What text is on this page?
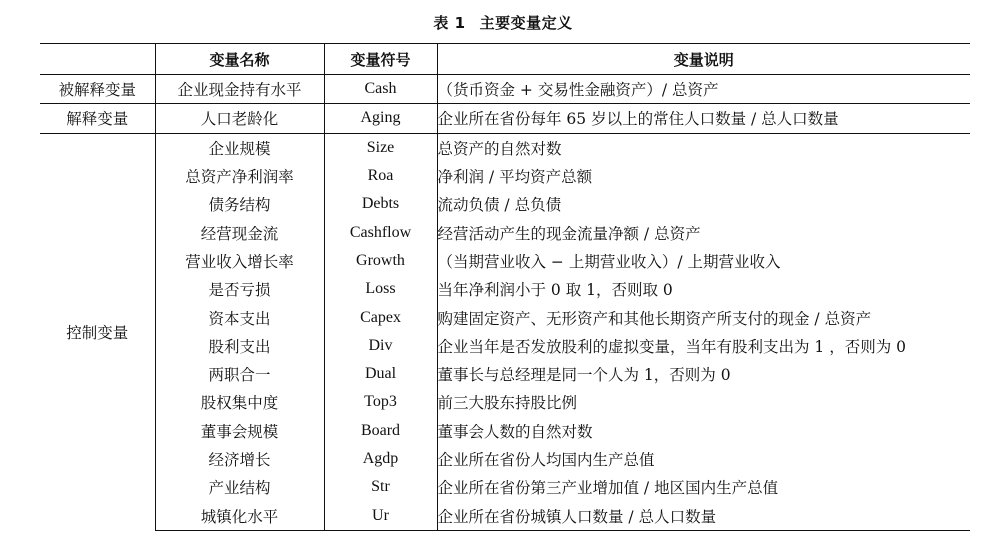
表 1 主要变量定义
	变量名称	变量符号	变量说明
被解释变量	企业现金持有水平	Cash	（货币资金 + 交易性金融资产）/ 总资产
解释变量	人口老龄化	Aging	企业所在省份每年 65 岁以上的常住人口数量 / 总人口数量
控制变量	企业规模	Size	总资产的自然对数
	总资产净利润率	Roa	净利润 / 平均资产总额
	债务结构	Debts	流动负债 / 总负债
	经营现金流	Cashflow	经营活动产生的现金流量净额 / 总资产
	营业收入增长率	Growth	（当期营业收入 − 上期营业收入）/ 上期营业收入
	是否亏损	Loss	当年净利润小于 0 取 1，否则取 0
	资本支出	Capex	购建固定资产、无形资产和其他长期资产所支付的现金 / 总资产
	股利支出	Div	企业当年是否发放股利的虚拟变量，当年有股利支出为 1 ，否则为 0
	两职合一	Dual	董事长与总经理是同一个人为 1，否则为 0
	股权集中度	Top3	前三大股东持股比例
	董事会规模	Board	董事会人数的自然对数
	经济增长	Agdp	企业所在省份人均国内生产总值
	产业结构	Str	企业所在省份第三产业增加值 / 地区国内生产总值
	城镇化水平	Ur	企业所在省份城镇人口数量 / 总人口数量
